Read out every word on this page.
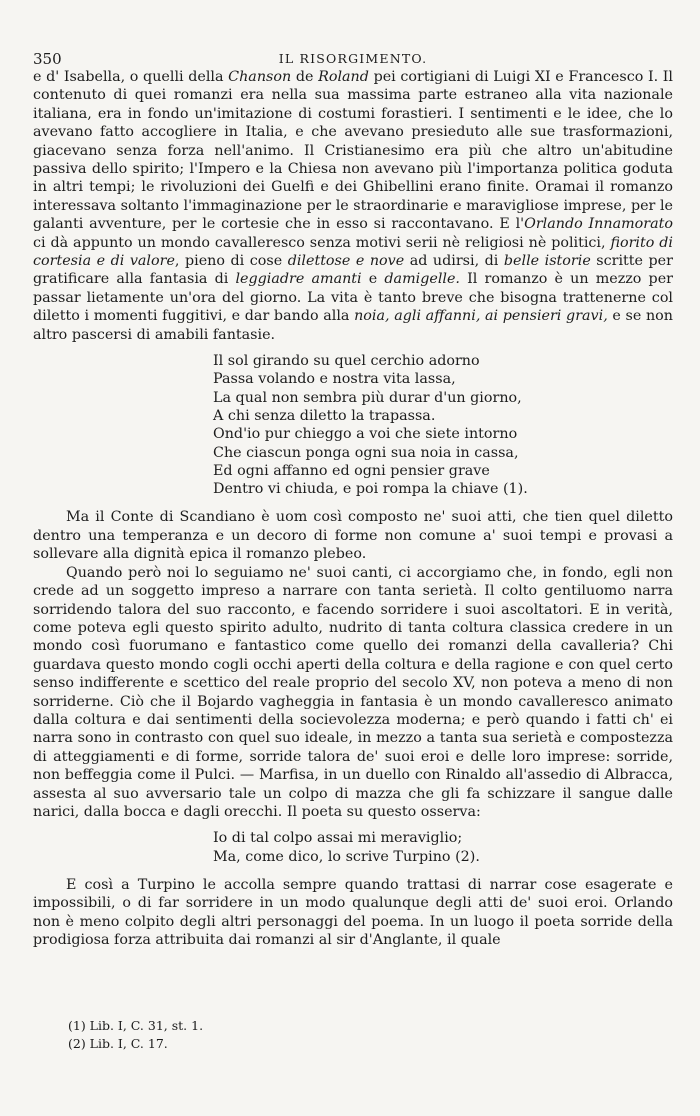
350	IL RISORGIMENTO.

e d' Isabella, o quelli della Chanson de Roland pei cortigiani di Luigi XI e Francesco I. Il contenuto di quei romanzi era nella sua massima parte estraneo alla vita nazionale italiana, era in fondo un'imitazione di costumi forastieri. I sentimenti e le idee, che lo avevano fatto accogliere in Italia, e che avevano presieduto alle sue trasformazioni, giacevano senza forza nell'animo. Il Cristianesimo era più che altro un'abitudine passiva dello spirito; l'Impero e la Chiesa non avevano più l'importanza politica goduta in altri tempi; le rivoluzioni dei Guelfi e dei Ghibellini erano finite. Oramai il romanzo interessava soltanto l'immaginazione per le straordinarie e maravigliose imprese, per le galanti avventure, per le cortesie che in esso si raccontavano. E l'Orlando Innamorato ci dà appunto un mondo cavalleresco senza motivi serii nè religiosi nè politici, fiorito di cortesia e di valore, pieno di cose dilettose e nove ad udirsi, di belle istorie scritte per gratificare alla fantasia di leggiadre amanti e damigelle. Il romanzo è un mezzo per passar lietamente un'ora del giorno. La vita è tanto breve che bisogna trattenerne col diletto i momenti fuggitivi, e dar bando alla noia, agli affanni, ai pensieri gravi, e se non altro pascersi di amabili fantasie.

Il sol girando su quel cerchio adorno
Passa volando e nostra vita lassa,
La qual non sembra più durar d'un giorno,
A chi senza diletto la trapassa.
Ond'io pur chieggo a voi che siete intorno
Che ciascun ponga ogni sua noia in cassa,
Ed ogni affanno ed ogni pensier grave
Dentro vi chiuda, e poi rompa la chiave (1).

Ma il Conte di Scandiano è uom così composto ne' suoi atti, che tien quel diletto dentro una temperanza e un decoro di forme non comune a' suoi tempi e provasi a sollevare alla dignità epica il romanzo plebeo.

Quando però noi lo seguiamo ne' suoi canti, ci accorgiamo che, in fondo, egli non crede ad un soggetto impreso a narrare con tanta serietà. Il colto gentiluomo narra sorridendo talora del suo racconto, e facendo sorridere i suoi ascoltatori. E in verità, come poteva egli questo spirito adulto, nudrito di tanta coltura classica credere in un mondo così fuorumano e fantastico come quello dei romanzi della cavalleria? Chi guardava questo mondo cogli occhi aperti della coltura e della ragione e con quel certo senso indifferente e scettico del reale proprio del secolo XV, non poteva a meno di non sorriderne. Ciò che il Bojardo vagheggia in fantasia è un mondo cavalleresco animato dalla coltura e dai sentimenti della socievolezza moderna; e però quando i fatti ch' ei narra sono in contrasto con quel suo ideale, in mezzo a tanta sua serietà e compostezza di atteggiamenti e di forme, sorride talora de' suoi eroi e delle loro imprese: sorride, non beffeggia come il Pulci. — Marfisa, in un duello con Rinaldo all'assedio di Albracca, assesta al suo avversario tale un colpo di mazza che gli fa schizzare il sangue dalle narici, dalla bocca e dagli orecchi. Il poeta su questo osserva:

Io di tal colpo assai mi meraviglio;
Ma, come dico, lo scrive Turpino (2).

E così a Turpino le accolla sempre quando trattasi di narrar cose esagerate e impossibili, o di far sorridere in un modo qualunque degli atti de' suoi eroi. Orlando non è meno colpito degli altri personaggi del poema. In un luogo il poeta sorride della prodigiosa forza attribuita dai romanzi al sir d'Anglante, il quale

(1) Lib. I, C. 31, st. 1.
(2) Lib. I, C. 17.
